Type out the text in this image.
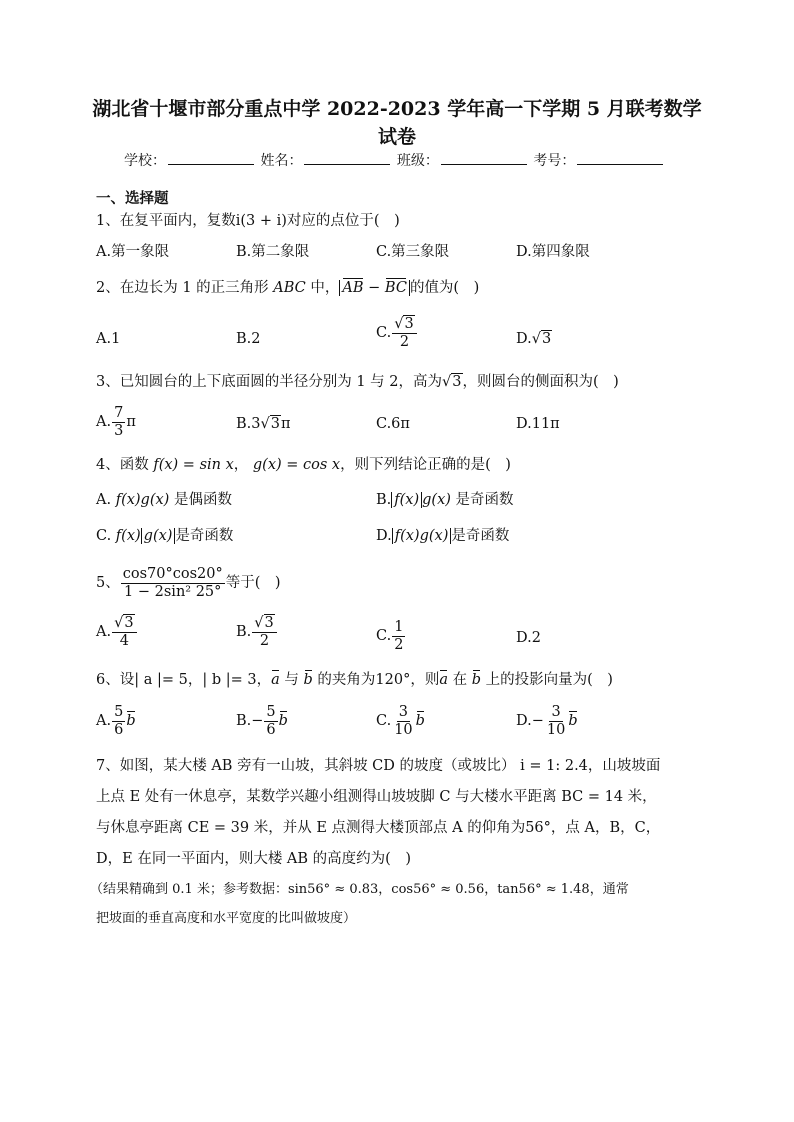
湖北省十堰市部分重点中学 2022-2023 学年高一下学期 5 月联考数学
试卷
学校：	姓名：	班级：	考号：
一、选择题
1、在复平面内，复数i(3 + i)对应的点位于(　)
A.第一象限	B.第二象限	C.第三象限	D.第四象限
2、在边长为 1 的正三角形 ABC 中， AB − BC 的值为(　)
A.1	B.2	C. $\frac{√3}{2}$	D.√3
3、已知圆台的上下底面圆的半径分别为 1 与 2，高为√3，则圆台的侧面积为(　)
A. $\frac{7}{3}$ π	B.3√3π	C.6π	D.11π
4、函数 f(x) = sin x， g(x) = cos x，则下列结论正确的是(　)
A. f(x)g(x) 是偶函数	B. f(x) g(x) 是奇函数
C. f(x) g(x) 是奇函数	D. f(x)g(x) 是奇函数
5、 $\frac{\cos 70^\circ\cos 20^\circ}{\text{1 − 2sin² 25°}}$ 等于(　)
A. $\frac{√3}{4}$	B. $\frac{√3}{2}$	C. $\frac{1}{2}$	D.2
6、设| a |= 5，| b |= 3，a 与 b 的夹角为120°，则a 在 b 上的投影向量为(　)
A. $\frac{5}{6}$ b	$B.- \frac{5}{6}$ b	C. $\frac{3}{10}$ b	$D.- \frac{3}{10}$ b
7、如图，某大楼 AB 旁有一山坡，其斜坡 CD 的坡度（或坡比） i = 1: 2.4，山坡坡面
上点 E 处有一休息亭，某数学兴趣小组测得山坡坡脚 C 与大楼水平距离 BC = 14 米，
与休息亭距离 CE = 39 米，并从 E 点测得大楼顶部点 A 的仰角为56°，点 A，B，C，
D，E 在同一平面内，则大楼 AB 的高度约为(　)
（结果精确到 0.1 米；参考数据：sin56° ≈ 0.83，cos56° ≈ 0.56，tan56° ≈ 1.48，通常
把坡面的垂直高度和水平宽度的比叫做坡度）
